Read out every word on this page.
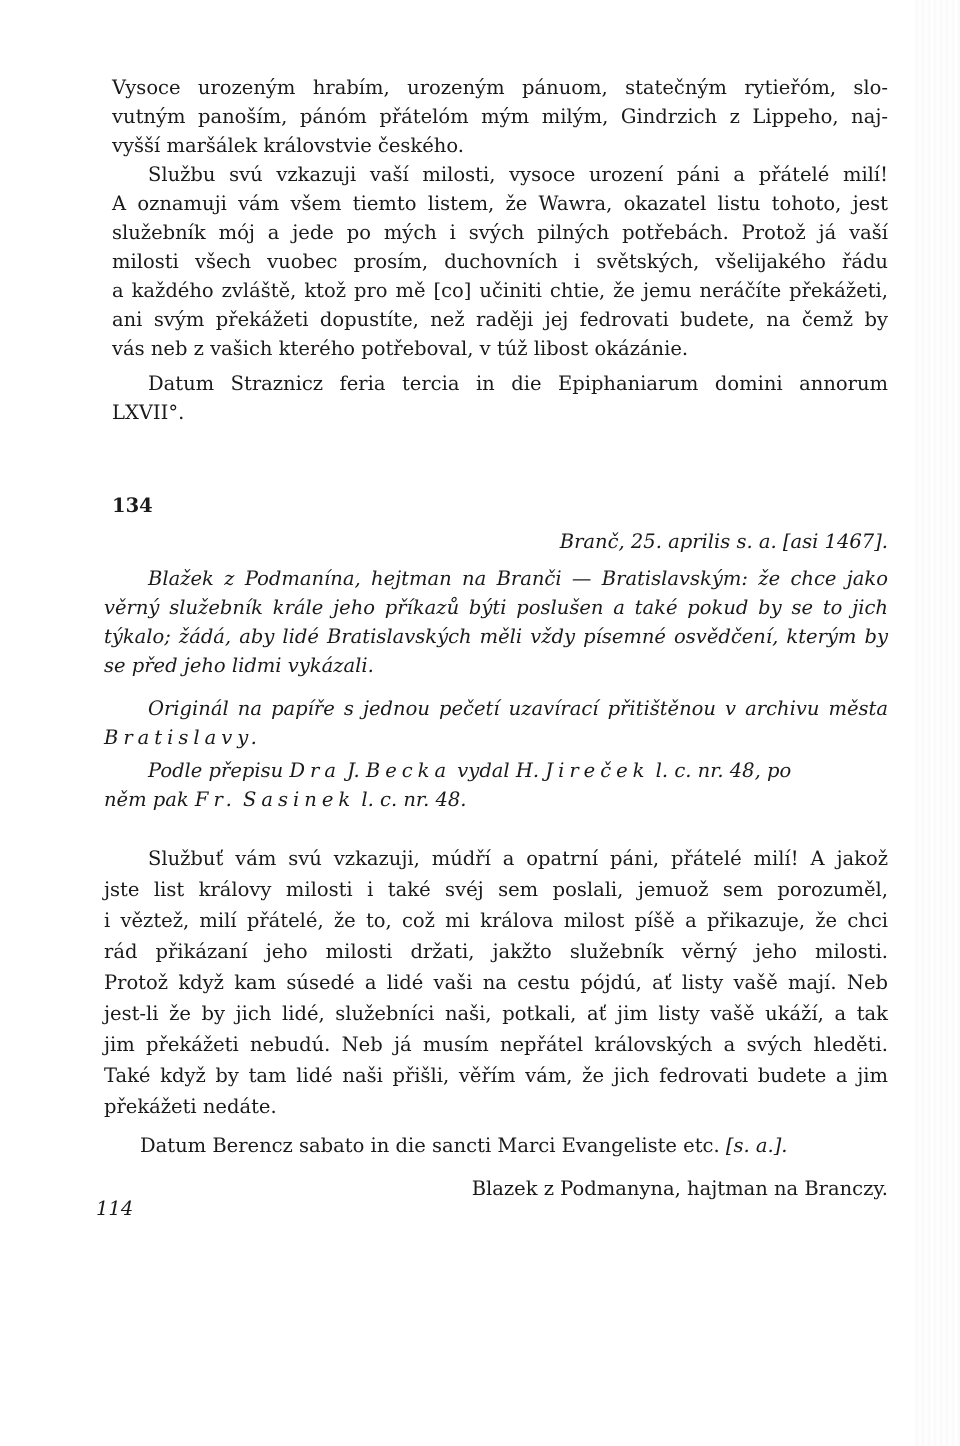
Vysoce urozeným hrabím, urozeným pánuom, statečným rytieřóm, slo-

vutným panoším, pánóm přátelóm mým milým, Gindrzich z Lippeho, naj-

vyšší maršálek královstvie českého.

Službu svú vzkazuji vaší milosti, vysoce urození páni a přátelé milí!

A oznamuji vám všem tiemto listem, že Wawra, okazatel listu tohoto, jest

služebník mój a jede po mých i svých pilných potřebách. Protož já vaší

milosti všech vuobec prosím, duchovních i světských, všelijakého řádu

a každého zvláště, ktož pro mě [co] učiniti chtie, že jemu neráčíte překážeti,

ani svým překážeti dopustíte, než raději jej fedrovati budete, na čemž by

vás neb z vašich kterého potřeboval, v túž libost okázánie.

Datum Straznicz feria tercia in die Epiphaniarum domini annorum

LXVII°.

134

Branč, 25. aprilis s. a. [asi 1467].

Blažek z Podmanína, hejtman na Branči — Bratislavským: že chce jako

věrný služebník krále jeho příkazů býti poslušen a také pokud by se to jich

týkalo; žádá, aby lidé Bratislavských měli vždy písemné osvědčení, kterým by

se před jeho lidmi vykázali.

Originál na papíře s jednou pečetí uzavírací přitištěnou v archivu města

Bratislavy.

Podle přepisu Dra J. Becka vydal H. Jireček l. c. nr. 48, po

něm pak Fr. Sasinek l. c. nr. 48.

Službuť vám svú vzkazuji, múdří a opatrní páni, přátelé milí! A jakož

jste list královy milosti i také svéj sem poslali, jemuož sem porozuměl,

i věztež, milí přátelé, že to, což mi králova milost píšě a přikazuje, že chci

rád přikázaní jeho milosti držati, jakžto služebník věrný jeho milosti.

Protož když kam súsedé a lidé vaši na cestu pójdú, ať listy vašě mají. Neb

jest-li že by jich lidé, služebníci naši, potkali, ať jim listy vašě ukáží, a tak

jim překážeti nebudú. Neb já musím nepřátel královských a svých hleděti.

Také když by tam lidé naši přišli, věřím vám, že jich fedrovati budete a jim

překážeti nedáte.

Datum Berencz sabato in die sancti Marci Evangeliste etc. [s. a.].

Blazek z Podmanyna, hajtman na Branczy.

114
